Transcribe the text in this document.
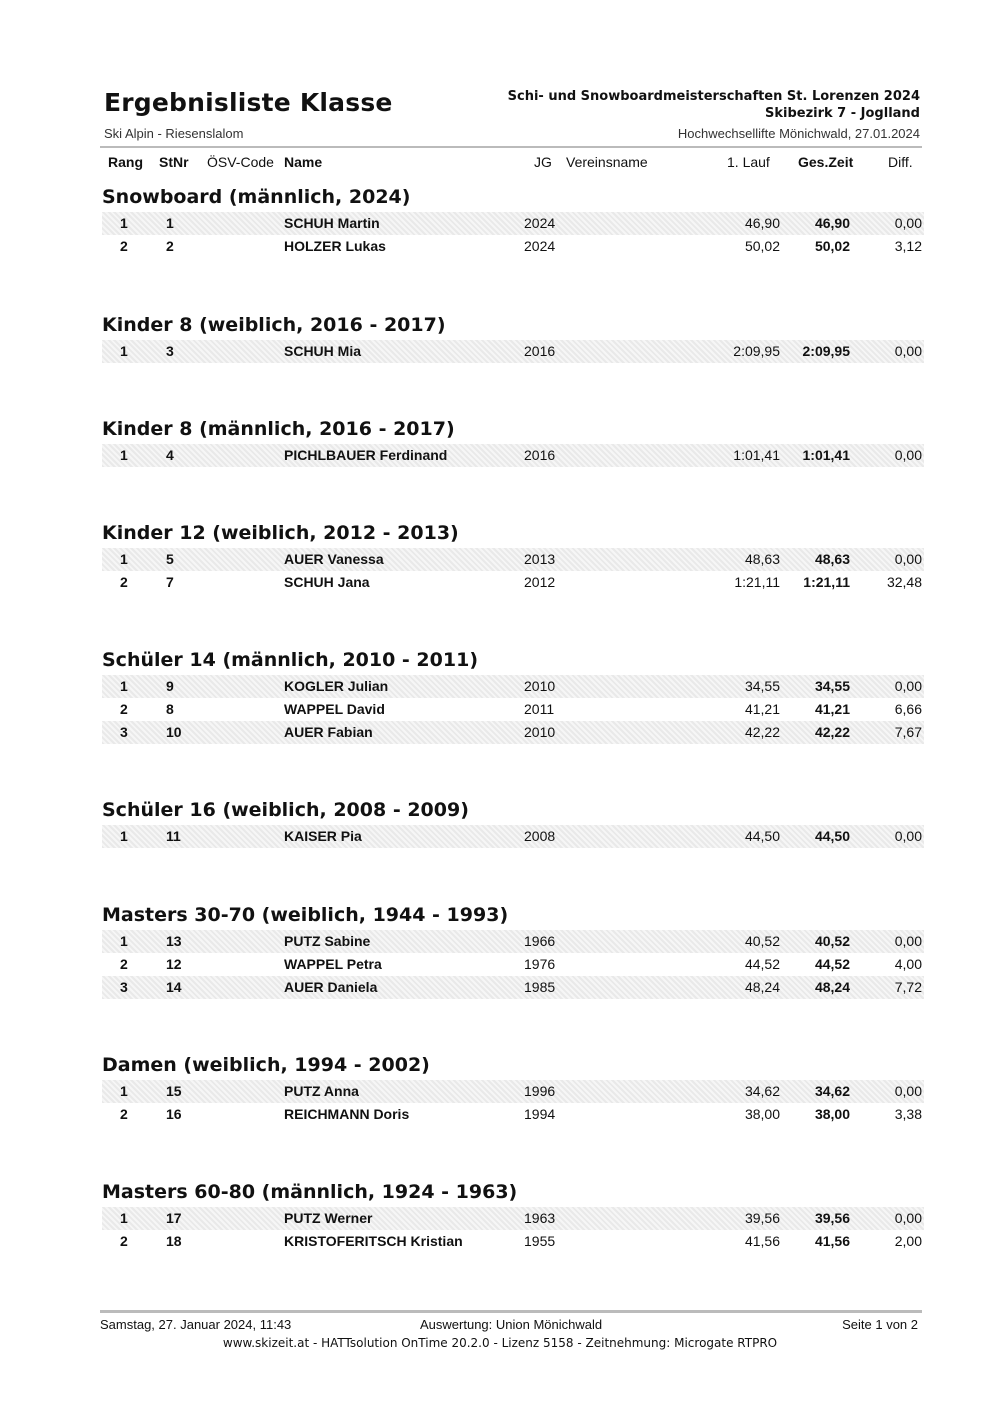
Ergebnisliste Klasse
Ski Alpin - Riesenslalom
Schi- und Snowboardmeisterschaften St. Lorenzen 2024
Skibezirk 7 - Joglland
Hochwechsellifte Mönichwald, 27.01.2024
Rang StNr ÖSV-Code Name	JG Vereinsname	1. Lauf Ges.Zeit Diff.
Snowboard (männlich, 2024)
1	1	SCHUH Martin	2024	46,90 46,90	0,00
2	2	HOLZER Lukas	2024	50,02 50,02	3,12
Kinder 8 (weiblich, 2016 - 2017)
1	3	SCHUH Mia	2016	2:09,95 2:09,95	0,00
Kinder 8 (männlich, 2016 - 2017)
1	4	PICHLBAUER Ferdinand	2016	1:01,41 1:01,41	0,00
Kinder 12 (weiblich, 2012 - 2013)
1	5	AUER Vanessa	2013	48,63 48,63	0,00
2	7	SCHUH Jana	2012	1:21,11 1:21,11	32,48
Schüler 14 (männlich, 2010 - 2011)
1	9	KOGLER Julian	2010	34,55 34,55	0,00
2	8	WAPPEL David	2011	41,21 41,21	6,66
3	10	AUER Fabian	2010	42,22 42,22	7,67
Schüler 16 (weiblich, 2008 - 2009)
1	11	KAISER Pia	2008	44,50 44,50	0,00
Masters 30-70 (weiblich, 1944 - 1993)
1	13	PUTZ Sabine	1966	40,52 40,52	0,00
2	12	WAPPEL Petra	1976	44,52 44,52	4,00
3	14	AUER Daniela	1985	48,24 48,24	7,72
Damen (weiblich, 1994 - 2002)
1	15	PUTZ Anna	1996	34,62 34,62	0,00
2	16	REICHMANN Doris	1994	38,00 38,00	3,38
Masters 60-80 (männlich, 1924 - 1963)
1	17	PUTZ Werner	1963	39,56 39,56	0,00
2	18	KRISTOFERITSCH Kristian	1955	41,56 41,56	2,00
Samstag, 27. Januar 2024, 11:43	Auswertung: Union Mönichwald	Seite 1 von 2
www.skizeit.at - HATTsolution OnTime 20.2.0 - Lizenz 5158 - Zeitnehmung: Microgate RTPRO
